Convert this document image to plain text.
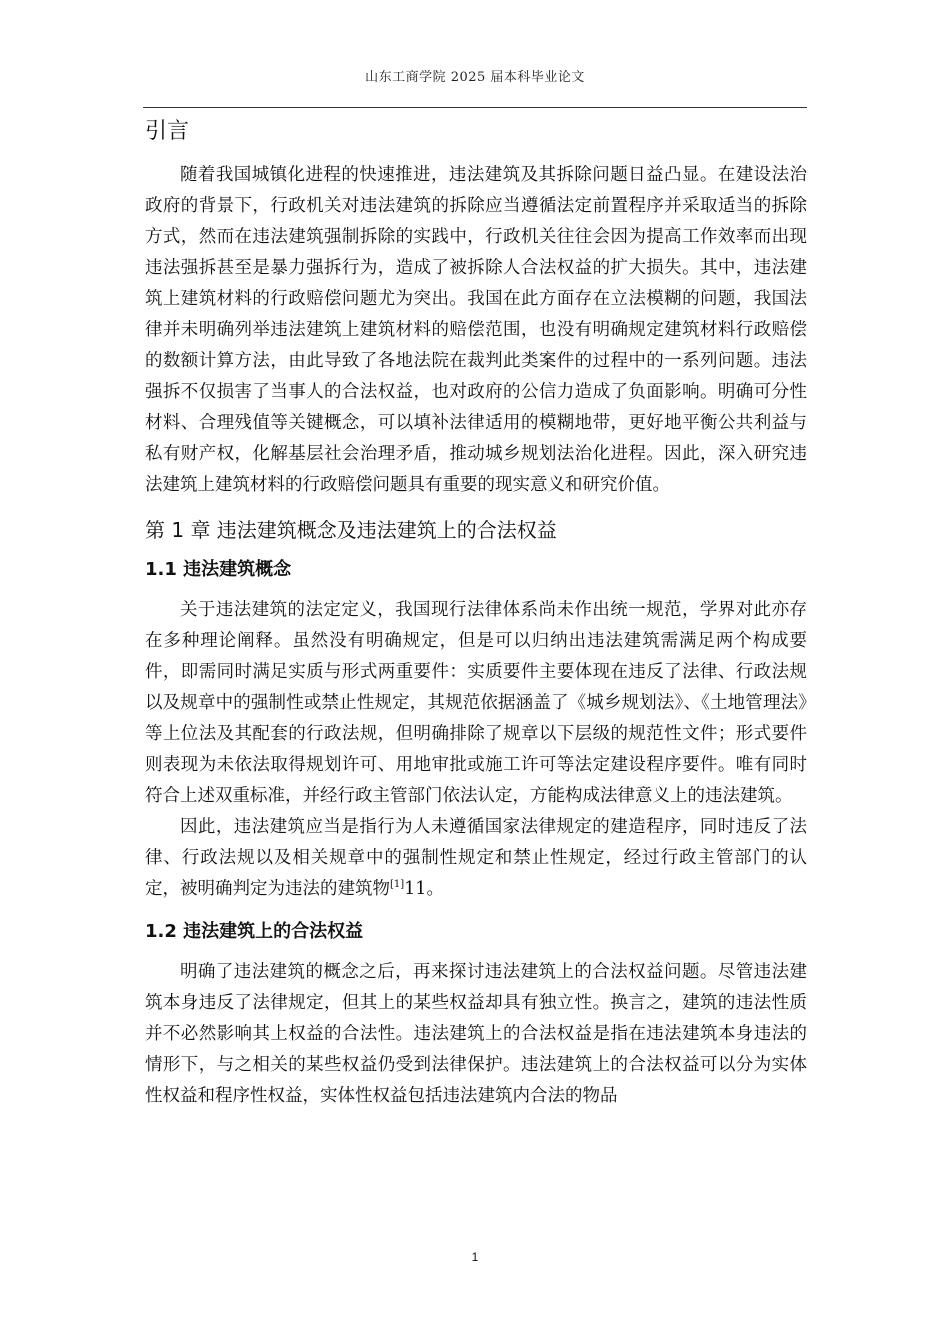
山东工商学院 2025 届本科毕业论文
引言

随着我国城镇化进程的快速推进，违法建筑及其拆除问题日益凸显。在建设法治政府的背景下，行政机关对违法建筑的拆除应当遵循法定前置程序并采取适当的拆除方式，然而在违法建筑强制拆除的实践中，行政机关往往会因为提高工作效率而出现违法强拆甚至是暴力强拆行为，造成了被拆除人合法权益的扩大损失。其中，违法建筑上建筑材料的行政赔偿问题尤为突出。我国在此方面存在立法模糊的问题，我国法律并未明确列举违法建筑上建筑材料的赔偿范围，也没有明确规定建筑材料行政赔偿的数额计算方法，由此导致了各地法院在裁判此类案件的过程中的一系列问题。违法强拆不仅损害了当事人的合法权益，也对政府的公信力造成了负面影响。明确可分性材料、合理残值等关键概念，可以填补法律适用的模糊地带，更好地平衡公共利益与私有财产权，化解基层社会治理矛盾，推动城乡规划法治化进程。因此，深入研究违法建筑上建筑材料的行政赔偿问题具有重要的现实意义和研究价值。

第 1 章 违法建筑概念及违法建筑上的合法权益
1.1 违法建筑概念

关于违法建筑的法定定义，我国现行法律体系尚未作出统一规范，学界对此亦存在多种理论阐释。虽然没有明确规定，但是可以归纳出违法建筑需满足两个构成要件，即需同时满足实质与形式两重要件：实质要件主要体现在违反了法律、行政法规以及规章中的强制性或禁止性规定，其规范依据涵盖了《城乡规划法》、《土地管理法》等上位法及其配套的行政法规，但明确排除了规章以下层级的规范性文件；形式要件则表现为未依法取得规划许可、用地审批或施工许可等法定建设程序要件。唯有同时符合上述双重标准，并经行政主管部门依法认定，方能构成法律意义上的违法建筑。

因此，违法建筑应当是指行为人未遵循国家法律规定的建造程序，同时违反了法律、行政法规以及相关规章中的强制性规定和禁止性规定，经过行政主管部门的认定，被明确判定为违法的建筑物[1]11。

1.2 违法建筑上的合法权益

明确了违法建筑的概念之后，再来探讨违法建筑上的合法权益问题。尽管违法建筑本身违反了法律规定，但其上的某些权益却具有独立性。换言之，建筑的违法性质并不必然影响其上权益的合法性。违法建筑上的合法权益是指在违法建筑本身违法的情形下，与之相关的某些权益仍受到法律保护。违法建筑上的合法权益可以分为实体性权益和程序性权益，实体性权益包括违法建筑内合法的物品

1
